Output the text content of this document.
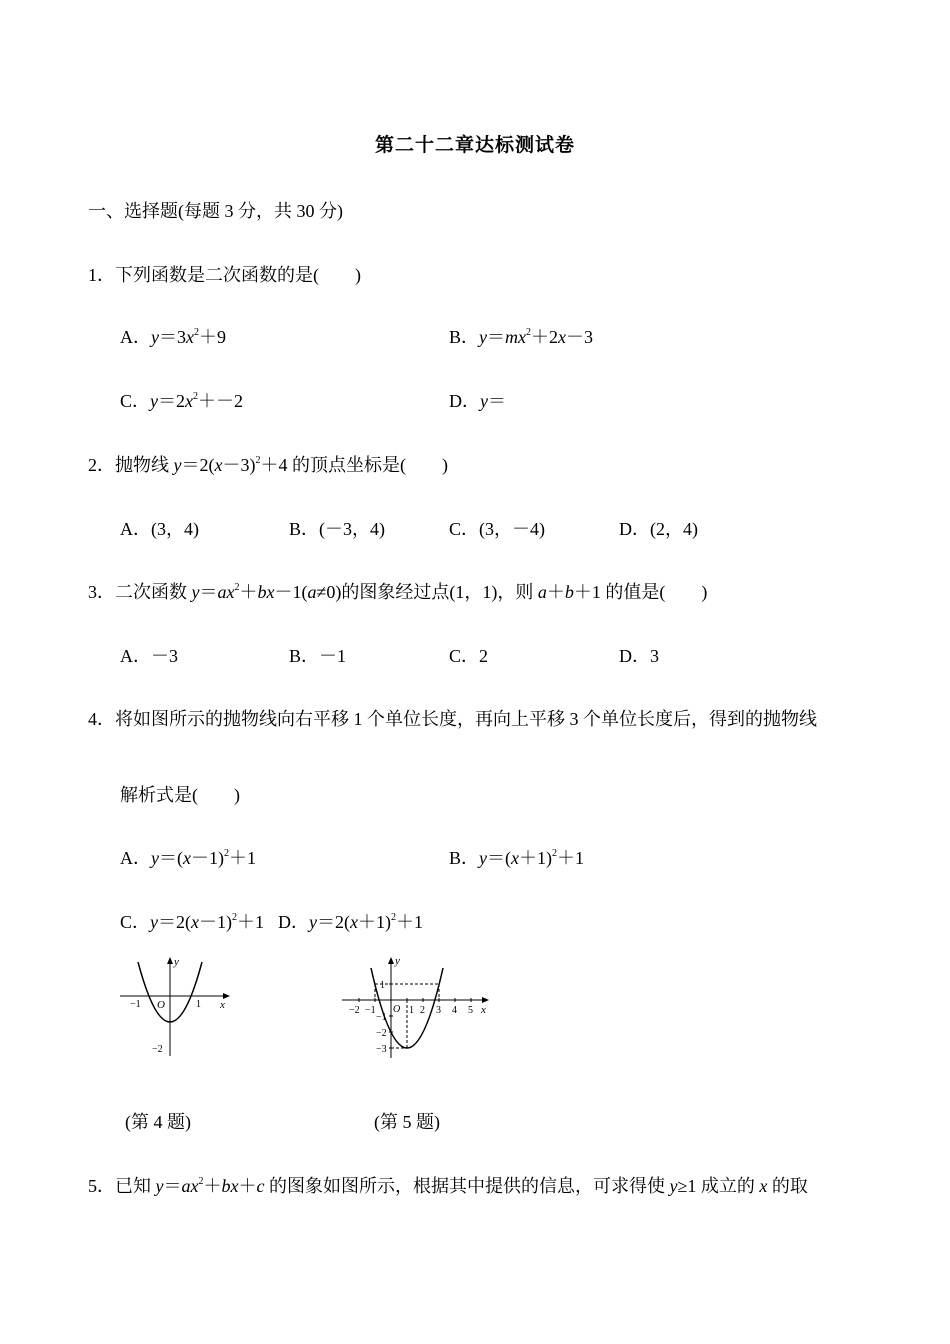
第二十二章达标测试卷
一、选择题(每题 3 分，共 30 分)
1．下列函数是二次函数的是(　　)
A．$y=3x^2+9$	B．$y=mx^2+2x-3$
C．$y=2x^2+-2$	D．y＝
2．抛物线 $y=2(x-3)^2+4$ 的顶点坐标是(　　)
A．(3，4)	B．(－3，4)	C．(3，－4)	D．(2，4)
3．二次函数 $y=ax^2+bx-1(a\ne 0)$的图象经过点(1，1)，则 a＋b＋1 的值是(　　)
A．－3	B．－1	C．2	D．3
4．将如图所示的抛物线向右平移 1 个单位长度，再向上平移 3 个单位长度后，得到的抛物线
解析式是(　　)
A．$y=(x-1)^2+1$	B．$y=(x+1)^2+1$
C．$y=2(x-1)^2+1$ D．$y=2(x+1)^2+1$
y
x
O
−1	1
−2
(第 4 题)
y
x
O
−2 −1	1 2 3 4 5
1
−1
−2
−3
(第 5 题)
5．已知 $y=ax^2+bx+c$ 的图象如图所示，根据其中提供的信息，可求得使 y≥1 成立的 x 的取
